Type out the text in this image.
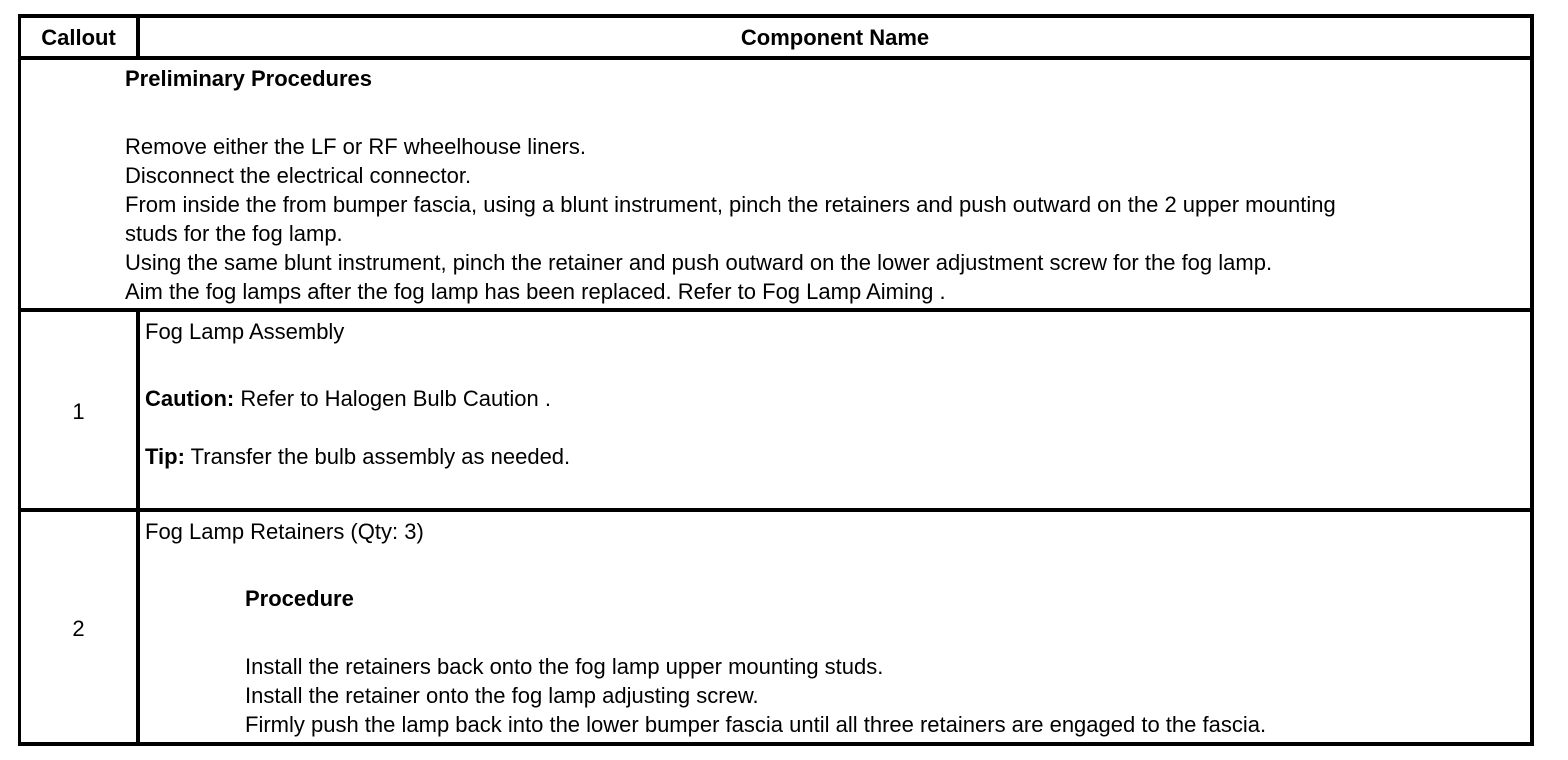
Callout	Component Name
Preliminary Procedures
Remove either the LF or RF wheelhouse liners.
Disconnect the electrical connector.
From inside the from bumper fascia, using a blunt instrument, pinch the retainers and push outward on the 2 upper mounting
studs for the fog lamp.
Using the same blunt instrument, pinch the retainer and push outward on the lower adjustment screw for the fog lamp.
Aim the fog lamps after the fog lamp has been replaced. Refer to Fog Lamp Aiming .
1
Fog Lamp Assembly
Caution: Refer to Halogen Bulb Caution .
Tip: Transfer the bulb assembly as needed.
2
Fog Lamp Retainers (Qty: 3)
Procedure
Install the retainers back onto the fog lamp upper mounting studs.
Install the retainer onto the fog lamp adjusting screw.
Firmly push the lamp back into the lower bumper fascia until all three retainers are engaged to the fascia.
